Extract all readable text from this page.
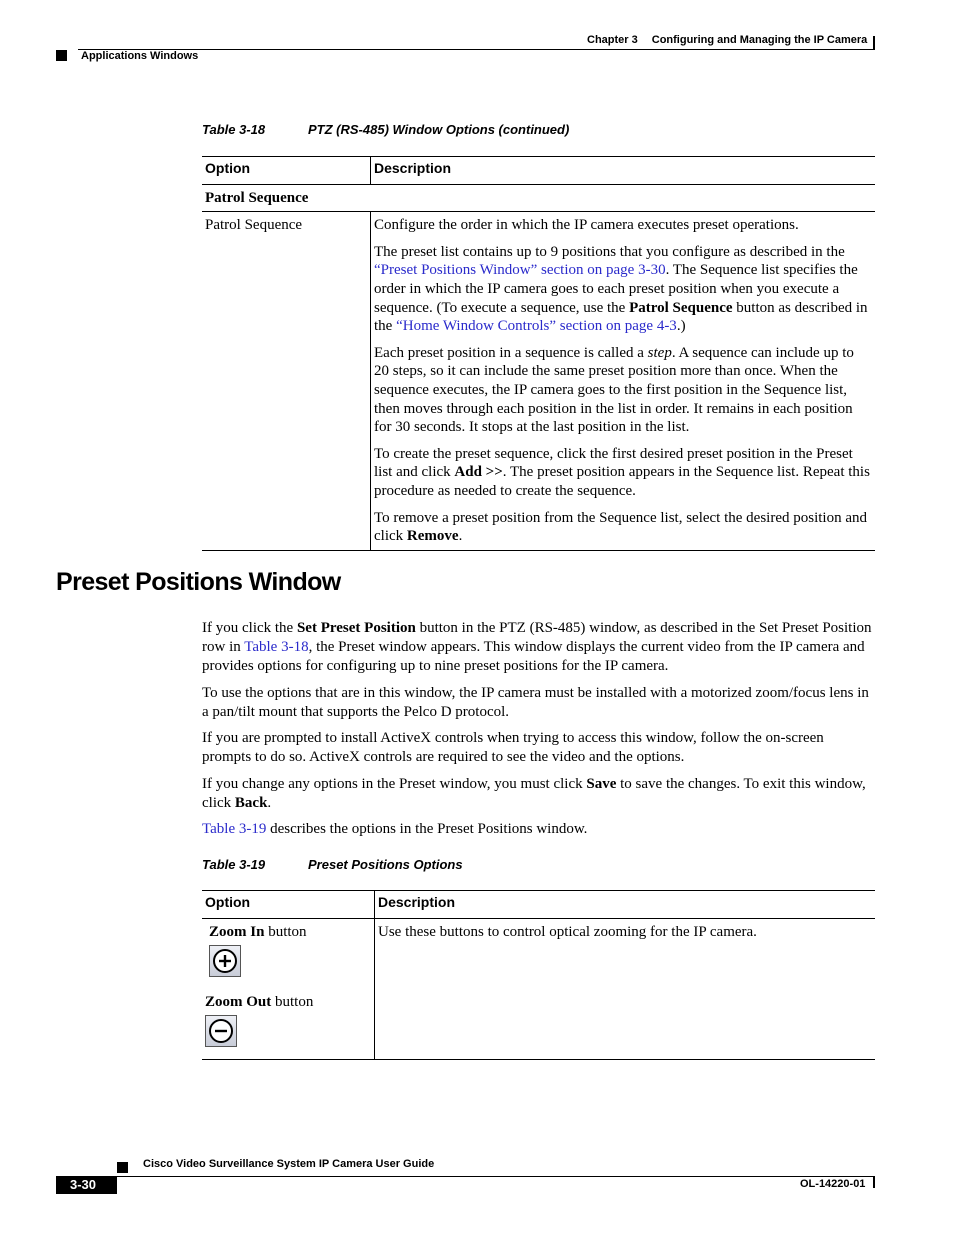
Chapter 3 Configuring and Managing the IP Camera
Applications Windows
Table 3-18	PTZ (RS-485) Window Options (continued)
Option	Description
Patrol Sequence	
Patrol Sequence	Configure the order in which the IP camera executes preset operations.

The preset list contains up to 9 positions that you configure as described in the “Preset Positions Window” section on page 3-30. The Sequence list specifies the order in which the IP camera goes to each preset position when you execute a sequence. (To execute a sequence, use the Patrol Sequence button as described in the “Home Window Controls” section on page 4-3.)

Each preset position in a sequence is called a step. A sequence can include up to 20 steps, so it can include the same preset position more than once. When the sequence executes, the IP camera goes to the first position in the Sequence list, then moves through each position in the list in order. It remains in each position for 30 seconds. It stops at the last position in the list.

To create the preset sequence, click the first desired preset position in the Preset list and click Add >>. The preset position appears in the Sequence list. Repeat this procedure as needed to create the sequence.

To remove a preset position from the Sequence list, select the desired position and click Remove.

Preset Positions Window

If you click the Set Preset Position button in the PTZ (RS-485) window, as described in the Set Preset Position row in Table 3-18, the Preset window appears. This window displays the current video from the IP camera and provides options for configuring up to nine preset positions for the IP camera.

To use the options that are in this window, the IP camera must be installed with a motorized zoom/focus lens in a pan/tilt mount that supports the Pelco D protocol.

If you are prompted to install ActiveX controls when trying to access this window, follow the on-screen prompts to do so. ActiveX controls are required to see the video and the options.

If you change any options in the Preset window, you must click Save to save the changes. To exit this window, click Back.

Table 3-19 describes the options in the Preset Positions window.

Table 3-19	Preset Positions Options
Option	Description

Zoom In button	Use these buttons to control optical zooming for the IP camera.

Zoom Out button	
Cisco Video Surveillance System IP Camera User Guide
3-30	OL-14220-01
